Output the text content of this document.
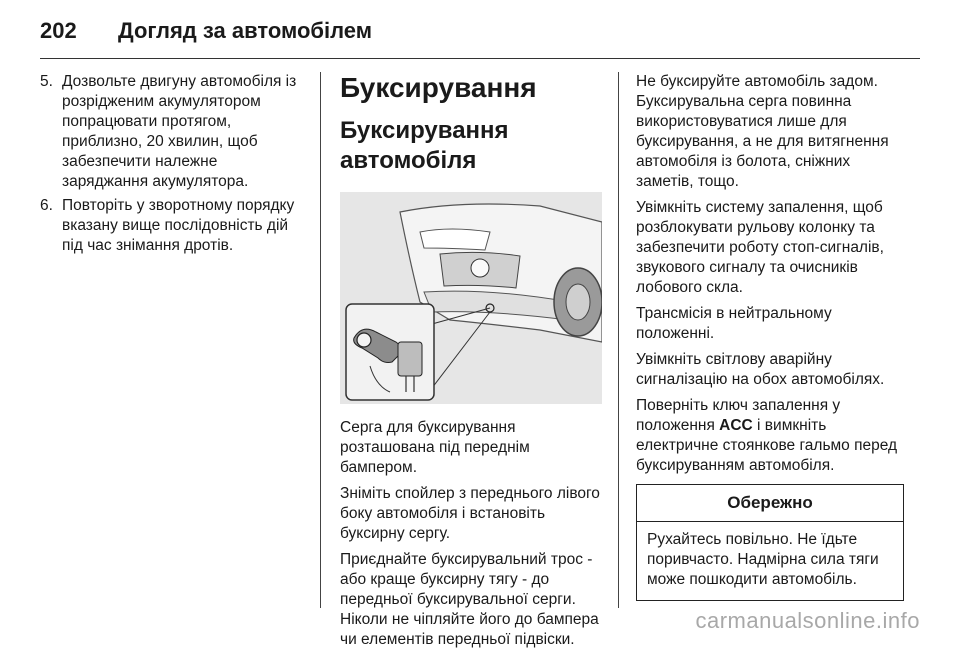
202 Догляд за автомобілем
5. Дозвольте двигуну автомобіля із розрідженим акумулятором попрацювати протягом, приблизно, 20 хвилин, щоб забезпечити належне заряджання акумулятора.
6. Повторіть у зворотному порядку вказану вище послідовність дій під час знімання дротів.
Буксирування
Буксирування автомобіля

Серга для буксирування розташована під переднім бампером.

Зніміть спойлер з переднього лівого боку автомобіля і встановіть буксирну сергу.

Приєднайте буксирувальний трос - або краще буксирну тягу - до передньої буксирувальної серги. Ніколи не чіпляйте його до бампера чи елементів передньої підвіски.

Не буксируйте автомобіль задом. Буксирувальна серга повинна використовуватися лише для буксирування, а не для витягнення автомобіля із болота, сніжних заметів, тощо.

Увімкніть систему запалення, щоб розблокувати рульову колонку та забезпечити роботу стоп-сигналів, звукового сигналу та очисників лобового скла.

Трансмісія в нейтральному положенні.

Увімкніть світлову аварійну сигналізацію на обох автомобілях.

Поверніть ключ запалення у положення ACC і вимкніть електричне стоянкове гальмо перед буксируванням автомобіля.

Обережно
Рухайтесь повільно. Не їдьте поривчасто. Надмірна сила тяги може пошкодити автомобіль.
carmanualsonline.info
